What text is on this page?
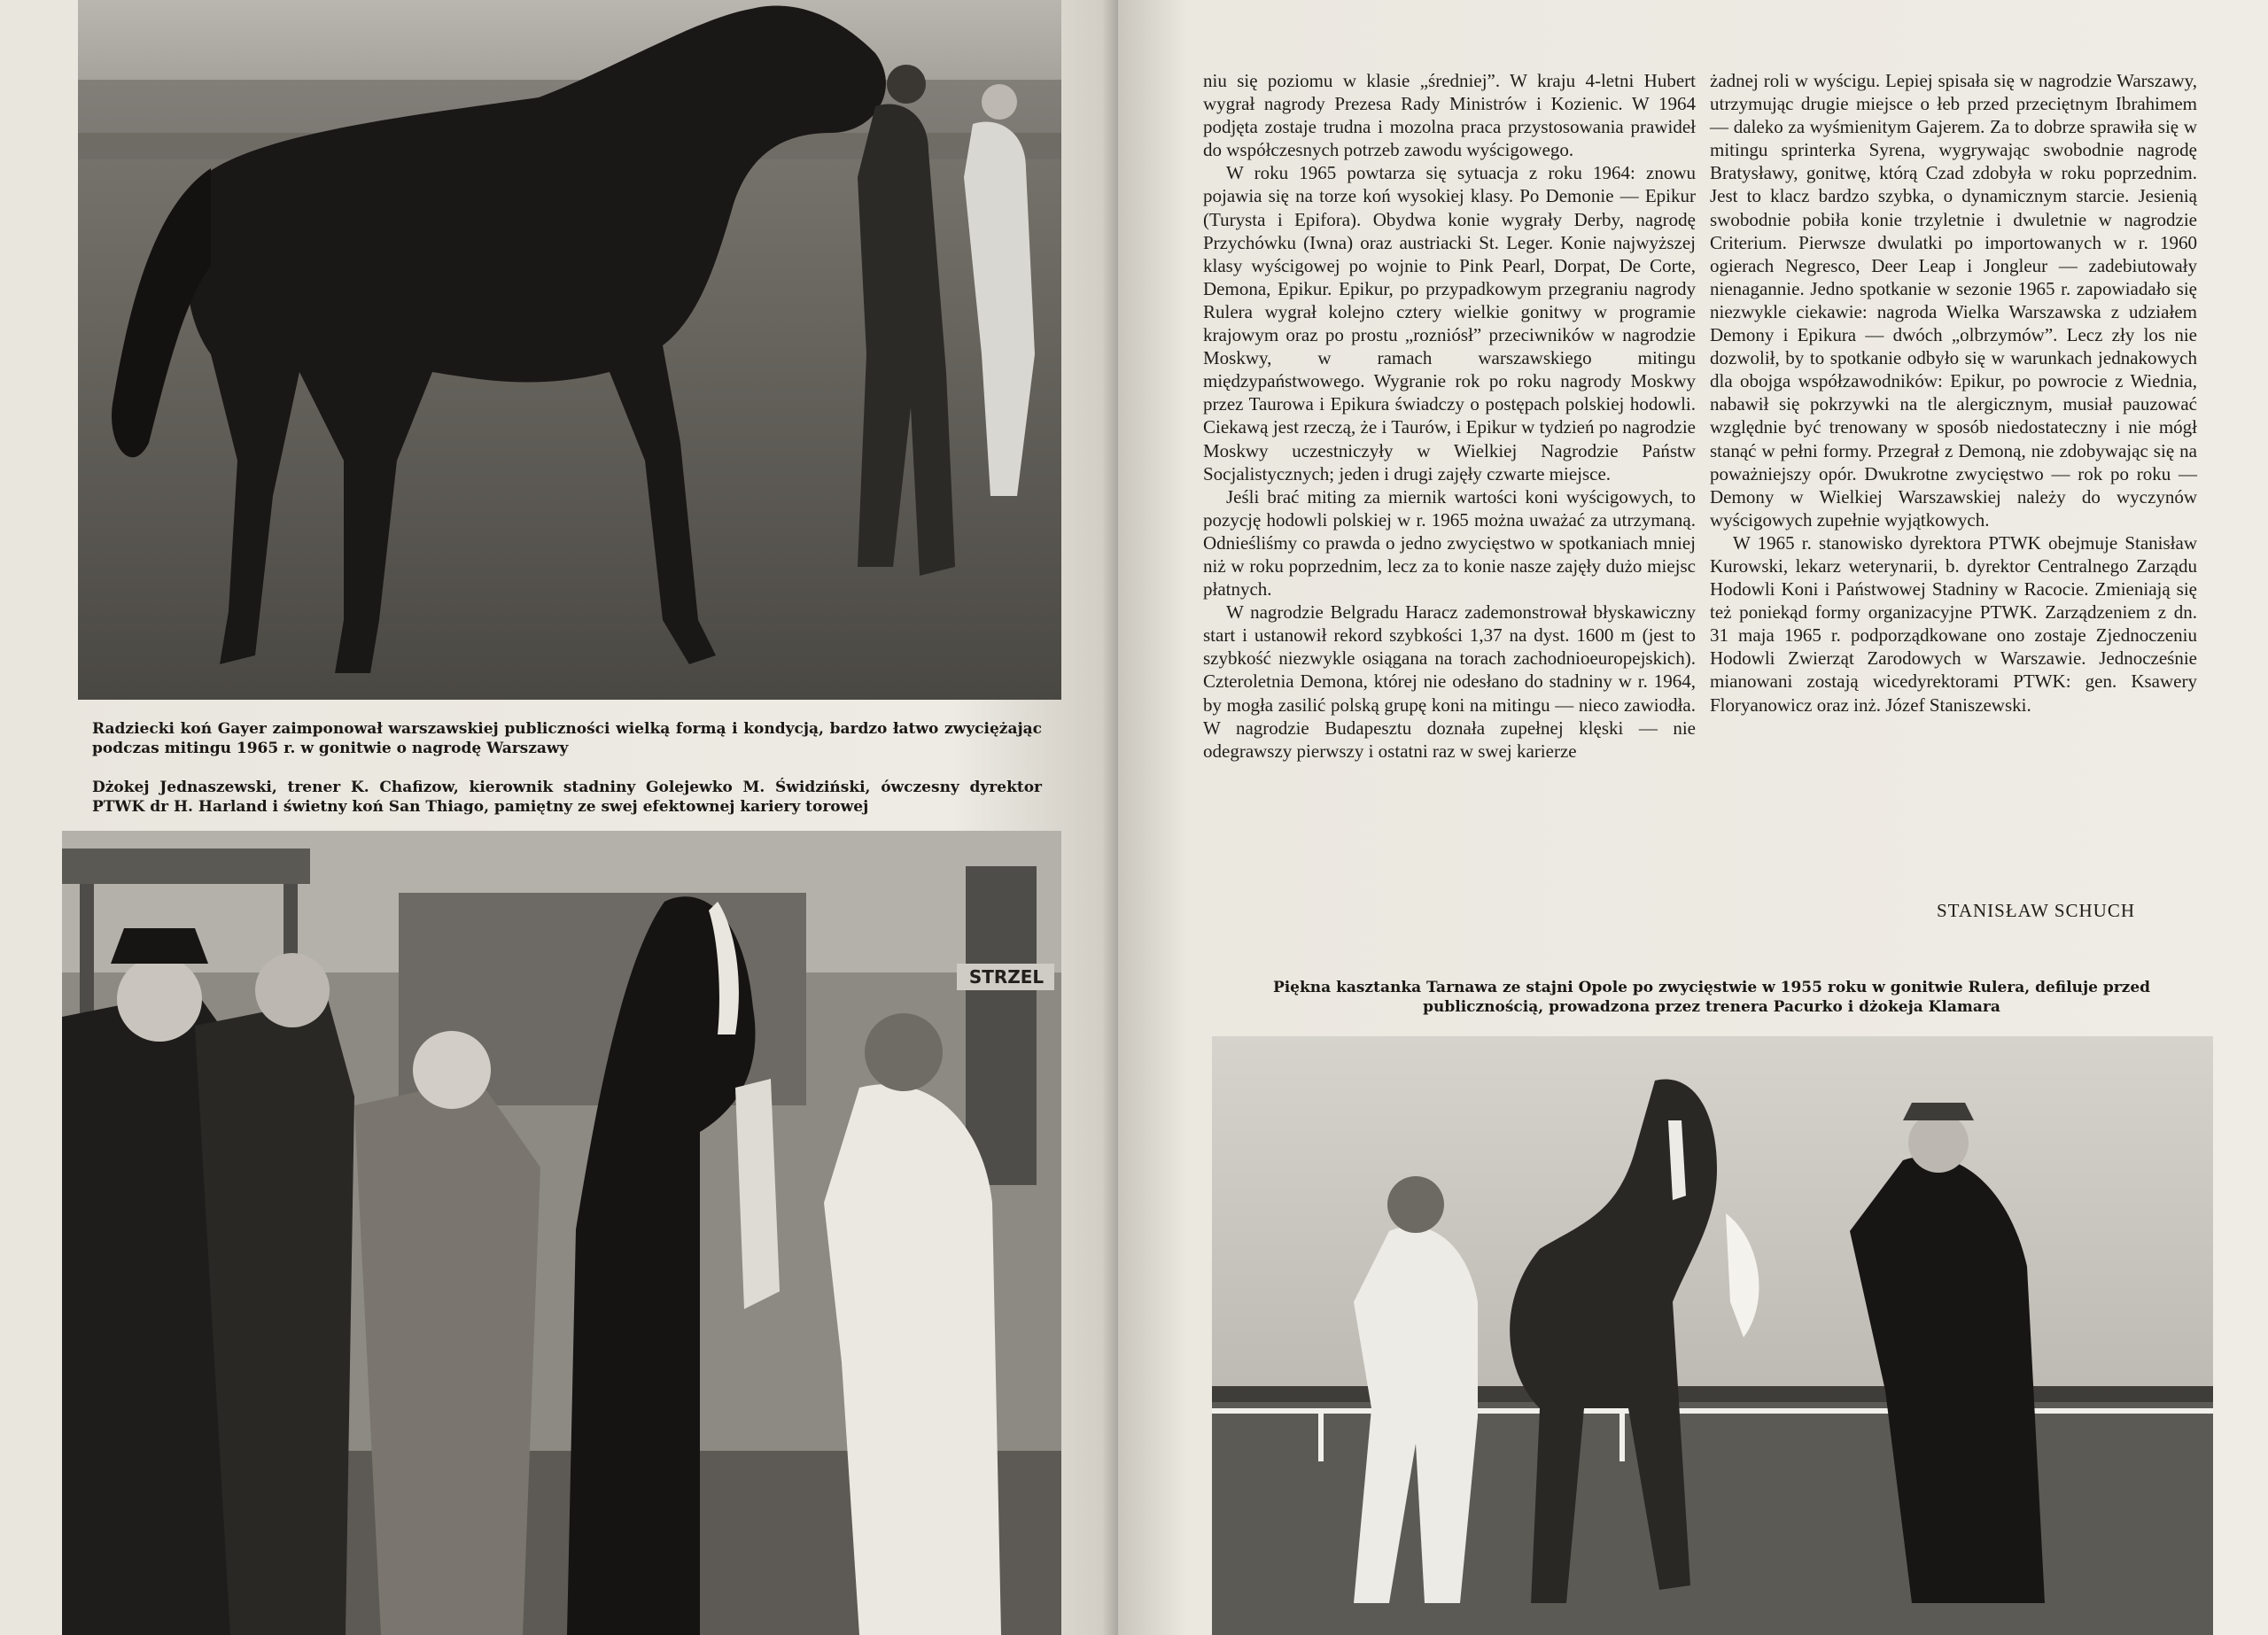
Radziecki koń Gayer zaimponował warszawskiej publiczności wielką formą i kondycją, bardzo łatwo zwyciężając podczas mitingu 1965 r. w gonitwie o nagrodę Warszawy
Dżokej Jednaszewski, trener K. Chafizow, kierownik stadniny Golejewko M. Świdziński, ówczesny dyrektor PTWK dr H. Harland i świetny koń San Thiago, pamiętny ze swej efektownej kariery torowej
STRZEL

niu się poziomu w klasie „średniej”. W kraju 4-letni Hubert wygrał nagrody Prezesa Rady Ministrów i Kozienic. W 1964 podjęta zostaje trudna i mozolna praca przystosowania prawideł do współczesnych potrzeb zawodu wyścigowego.

W roku 1965 powtarza się sytuacja z roku 1964: znowu pojawia się na torze koń wysokiej klasy. Po Demonie — Epikur (Turysta i Epifora). Obydwa konie wygrały Derby, nagrodę Przychówku (Iwna) oraz austriacki St. Leger. Konie najwyższej klasy wyścigowej po wojnie to Pink Pearl, Dorpat, De Corte, Demona, Epikur. Epikur, po przypadkowym przegraniu nagrody Rulera wygrał kolejno cztery wielkie gonitwy w programie krajowym oraz po prostu „rozniósł” przeciwników w nagrodzie Moskwy, w ramach warszawskiego mitingu międzypaństwowego. Wygranie rok po roku nagrody Moskwy przez Taurowa i Epikura świadczy o postępach polskiej hodowli. Ciekawą jest rzeczą, że i Taurów, i Epikur w tydzień po nagrodzie Moskwy uczestniczyły w Wielkiej Nagrodzie Państw Socjalistycznych; jeden i drugi zajęły czwarte miejsce.

Jeśli brać miting za miernik wartości koni wyścigowych, to pozycję hodowli polskiej w r. 1965 można uważać za utrzymaną. Odnieśliśmy co prawda o jedno zwycięstwo w spotkaniach mniej niż w roku poprzednim, lecz za to konie nasze zajęły dużo miejsc płatnych.

W nagrodzie Belgradu Haracz zademonstrował błyskawiczny start i ustanowił rekord szybkości 1,37 na dyst. 1600 m (jest to szybkość niezwykle osiągana na torach zachodnioeuropejskich). Czteroletnia Demona, której nie odesłano do stadniny w r. 1964, by mogła zasilić polską grupę koni na mitingu — nieco zawiodła. W nagrodzie Budapesztu doznała zupełnej klęski — nie odegrawszy pierwszy i ostatni raz w swej karierze

żadnej roli w wyścigu. Lepiej spisała się w nagrodzie Warszawy, utrzymując drugie miejsce o łeb przed przeciętnym Ibrahimem — daleko za wyśmienitym Gajerem. Za to dobrze sprawiła się w mitingu sprinterka Syrena, wygrywając swobodnie nagrodę Bratysławy, gonitwę, którą Czad zdobyła w roku poprzednim. Jest to klacz bardzo szybka, o dynamicznym starcie. Jesienią swobodnie pobiła konie trzyletnie i dwuletnie w nagrodzie Criterium. Pierwsze dwulatki po importowanych w r. 1960 ogierach Negresco, Deer Leap i Jongleur — zadebiutowały nienagannie. Jedno spotkanie w sezonie 1965 r. zapowiadało się niezwykle ciekawie: nagroda Wielka Warszawska z udziałem Demony i Epikura — dwóch „olbrzymów”. Lecz zły los nie dozwolił, by to spotkanie odbyło się w warunkach jednakowych dla obojga współzawodników: Epikur, po powrocie z Wiednia, nabawił się pokrzywki na tle alergicznym, musiał pauzować względnie być trenowany w sposób niedostateczny i nie mógł stanąć w pełni formy. Przegrał z Demoną, nie zdobywając się na poważniejszy opór. Dwukrotne zwycięstwo — rok po roku — Demony w Wielkiej Warszawskiej należy do wyczynów wyścigowych zupełnie wyjątkowych.

W 1965 r. stanowisko dyrektora PTWK obejmuje Stanisław Kurowski, lekarz weterynarii, b. dyrektor Centralnego Zarządu Hodowli Koni i Państwowej Stadniny w Racocie. Zmieniają się też poniekąd formy organizacyjne PTWK. Zarządzeniem z dn. 31 maja 1965 r. podporządkowane ono zostaje Zjednoczeniu Hodowli Zwierząt Zarodowych w Warszawie. Jednocześnie mianowani zostają wicedyrektorami PTWK: gen. Ksawery Floryanowicz oraz inż. Józef Staniszewski.

STANISŁAW SCHUCH
Piękna kasztanka Tarnawa ze stajni Opole po zwycięstwie w 1955 roku w gonitwie Rulera, defiluje przed publicznością, prowadzona przez trenera Pacurko i dżokeja Klamara
